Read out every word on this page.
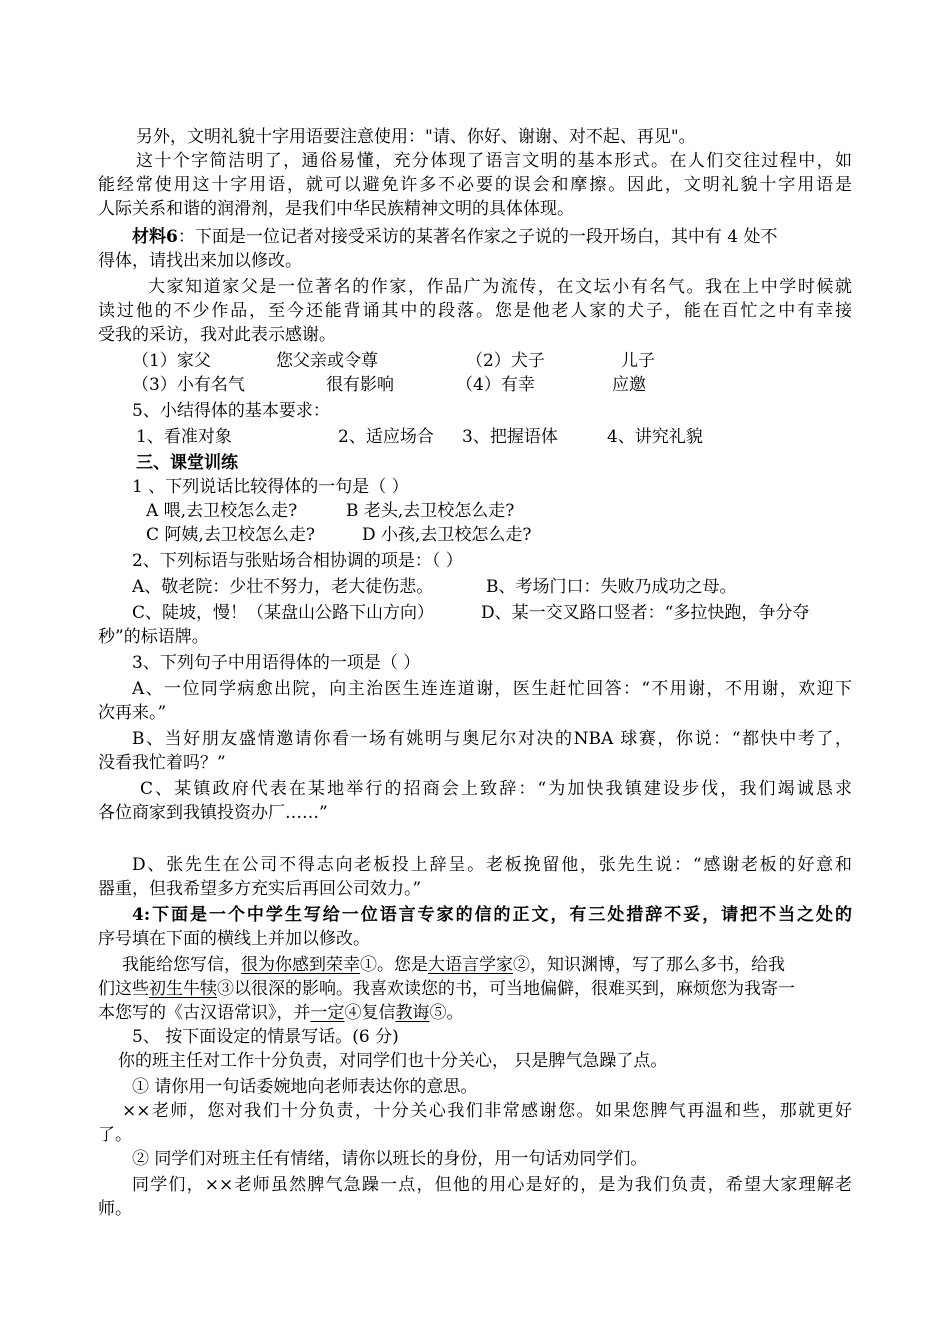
另外，文明礼貌十字用语要注意使用："请、你好、谢谢、对不起、再见"。
这十个字简洁明了，通俗易懂，充分体现了语言文明的基本形式。在人们交往过程中，如
能经常使用这十字用语，就可以避免许多不必要的误会和摩擦。因此，文明礼貌十字用语是
人际关系和谐的润滑剂，是我们中华民族精神文明的具体体现。
材料6：下面是一位记者对接受采访的某著名作家之子说的一段开场白，其中有 4 处不
得体，请找出来加以修改。
大家知道家父是一位著名的作家，作品广为流传，在文坛小有名气。我在上中学时候就
读过他的不少作品，至今还能背诵其中的段落。您是他老人家的犬子，能在百忙之中有幸接
受我的采访，我对此表示感谢。
（1）家父	您父亲或令尊	（2）犬子	儿子
（3）小有名气	很有影响	（4）有幸	应邀
5、小结得体的基本要求：
1、看准对象	2、适应场合 3、把握语体	4、讲究礼貌
三、课堂训练
1 、下列说话比较得体的一句是（ ）
A 喂,去卫校怎么走?	B 老头,去卫校怎么走?
C 阿姨,去卫校怎么走?	D 小孩,去卫校怎么走?
2、下列标语与张贴场合相协调的项是：（ ）
A、敬老院：少壮不努力，老大徒伤悲。	B、考场门口：失败乃成功之母。
C、陡坡，慢！（某盘山公路下山方向）	D、某一交叉路口竖者：“多拉快跑，争分夺
秒”的标语牌。
3、下列句子中用语得体的一项是（ ）
A、一位同学病愈出院，向主治医生连连道谢，医生赶忙回答：“不用谢，不用谢，欢迎下
次再来。”
B、当好朋友盛情邀请你看一场有姚明与奥尼尔对决的NBA 球赛，你说：“都快中考了，
没看我忙着吗？”
C、某镇政府代表在某地举行的招商会上致辞：“为加快我镇建设步伐，我们竭诚恳求
各位商家到我镇投资办厂……”
D、张先生在公司不得志向老板投上辞呈。老板挽留他，张先生说：“感谢老板的好意和
器重，但我希望多方充实后再回公司效力。”
4:下面是一个中学生写给一位语言专家的信的正文，有三处措辞不妥，请把不当之处的
序号填在下面的横线上并加以修改。
我能给您写信，很为你感到荣幸①。您是大语言学家②，知识渊博，写了那么多书，给我
们这些初生牛犊③以很深的影响。我喜欢读您的书，可当地偏僻，很难买到，麻烦您为我寄一
本您写的《古汉语常识》，并一定④复信教诲⑤。
5、 按下面设定的情景写话。(6 分)
你的班主任对工作十分负责，对同学们也十分关心， 只是脾气急躁了点。
① 请你用一句话委婉地向老师表达你的意思。
××老师，您对我们十分负责，十分关心我们非常感谢您。如果您脾气再温和些，那就更好
了。
② 同学们对班主任有情绪，请你以班长的身份，用一句话劝同学们。
同学们，××老师虽然脾气急躁一点，但他的用心是好的，是为我们负责，希望大家理解老
师。
